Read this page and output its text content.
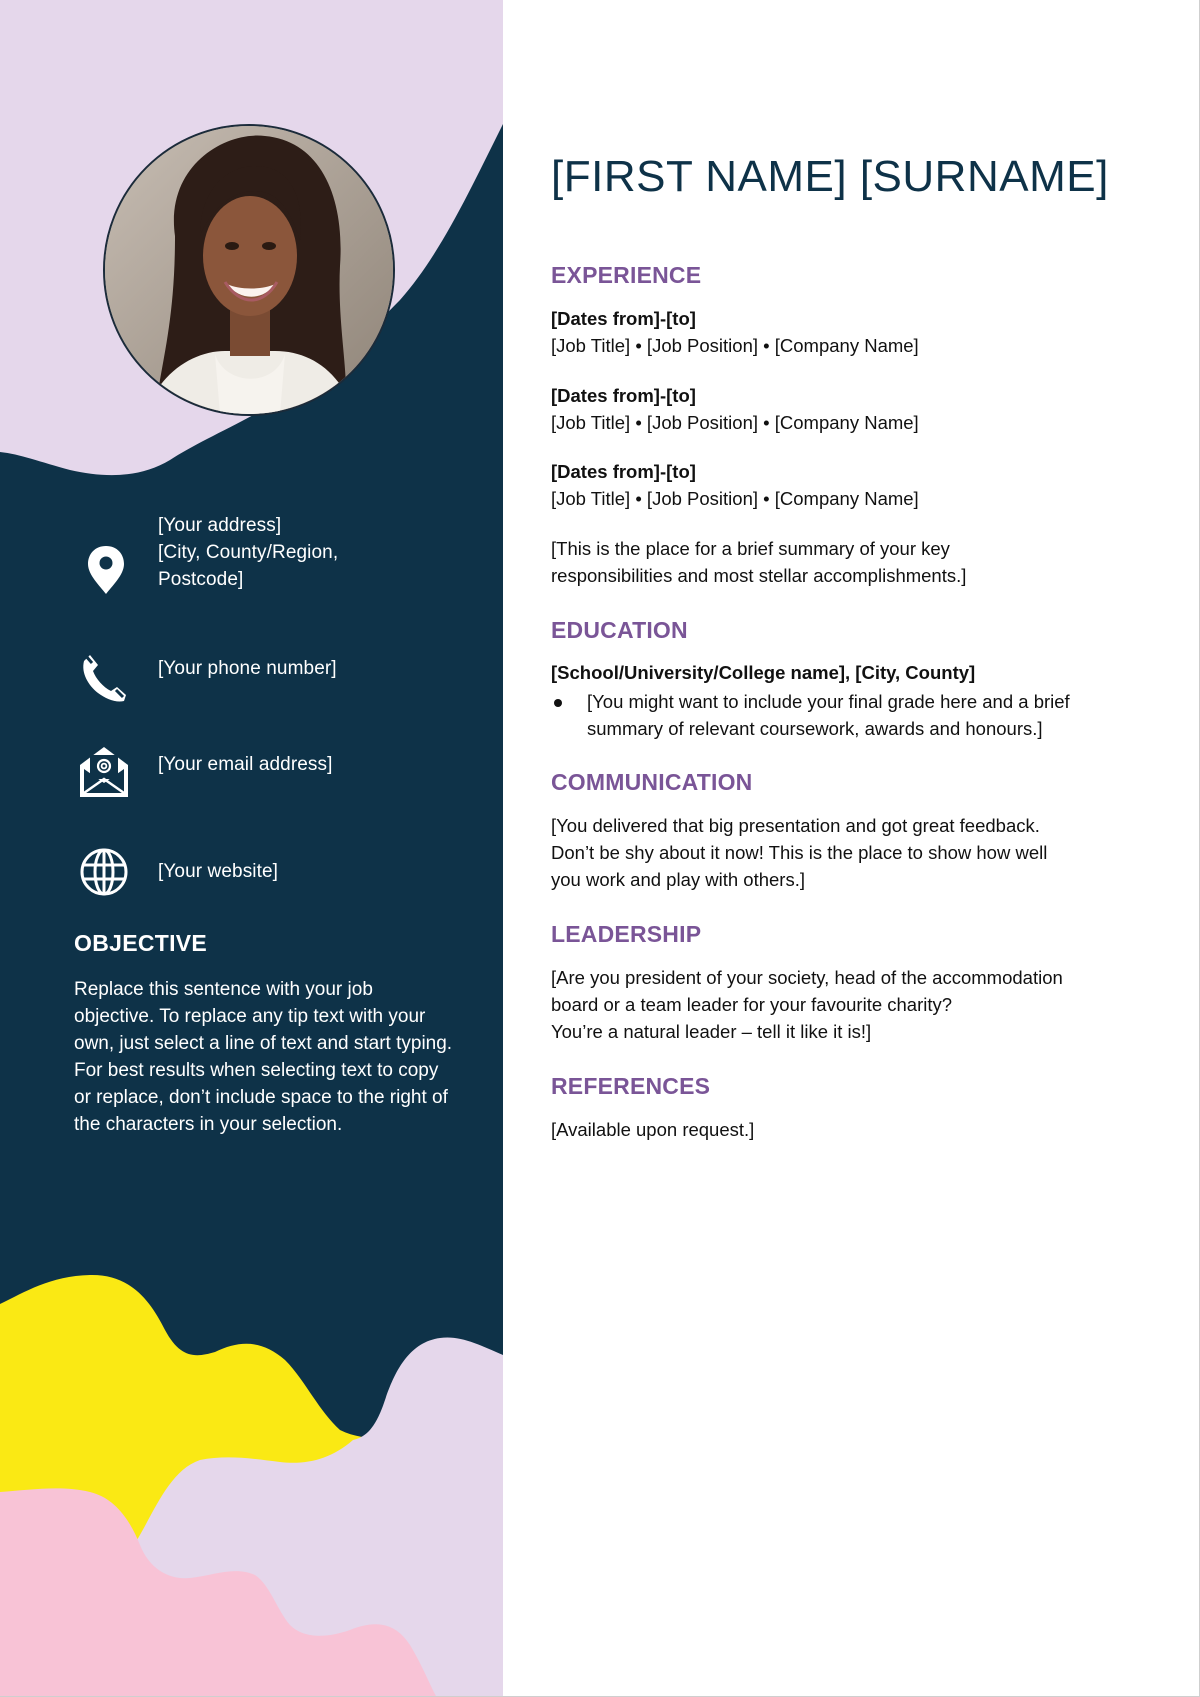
[Your address]
[City, County/Region,
Postcode]
[Your phone number]
[Your email address]
[Your website]
OBJECTIVE
Replace this sentence with your job objective. To replace any tip text with your own, just select a line of text and start typing. For best results when selecting text to copy or replace, don’t include space to the right of the characters in your selection.
[FIRST NAME] [SURNAME]
EXPERIENCE
[Dates from]-[to]
[Job Title] • [Job Position] • [Company Name]
[Dates from]-[to]
[Job Title] • [Job Position] • [Company Name]
[Dates from]-[to]
[Job Title] • [Job Position] • [Company Name]
[This is the place for a brief summary of your key
responsibilities and most stellar accomplishments.]
EDUCATION
[School/University/College name], [City, County]
[You might want to include your final grade here and a brief
summary of relevant coursework, awards and honours.]
COMMUNICATION
[You delivered that big presentation and got great feedback.
Don’t be shy about it now! This is the place to show how well
you work and play with others.]
LEADERSHIP
[Are you president of your society, head of the accommodation
board or a team leader for your favourite charity?
You’re a natural leader – tell it like it is!]
REFERENCES
[Available upon request.]
